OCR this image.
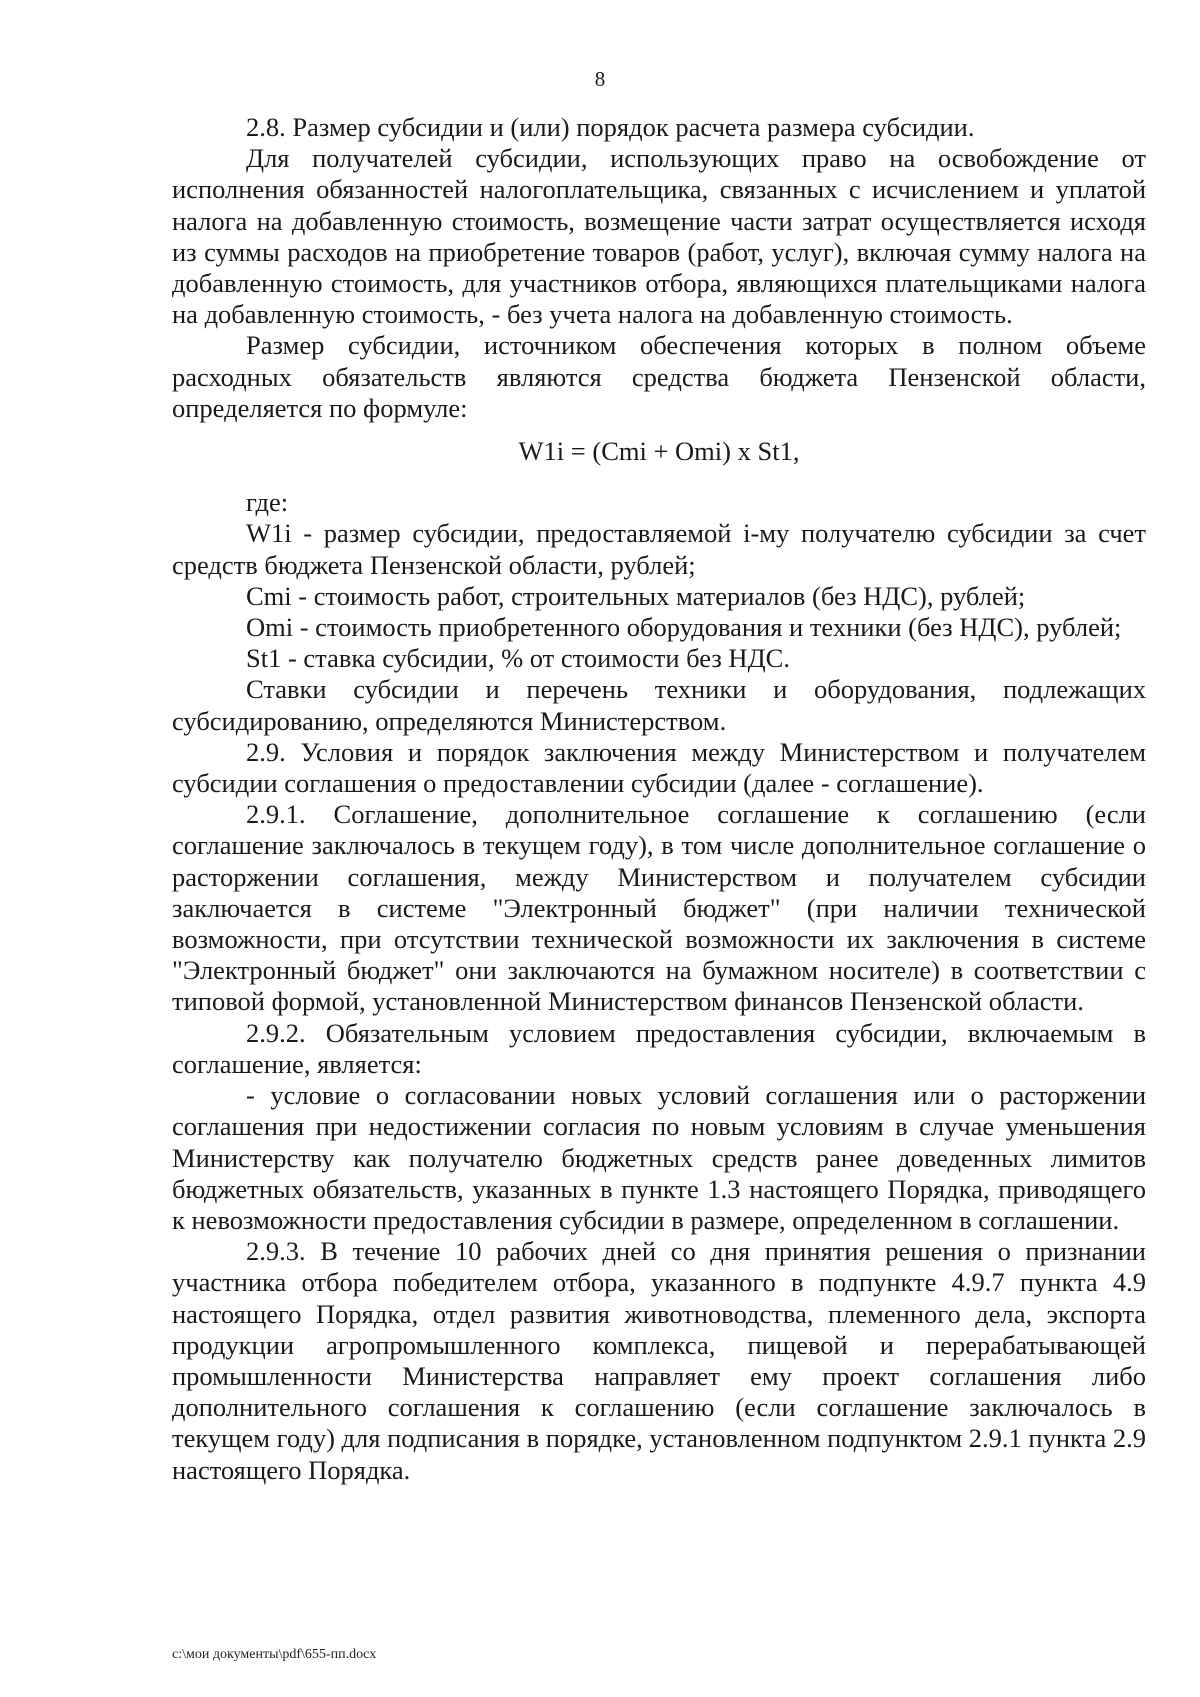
8

2.8. Размер субсидии и (или) порядок расчета размера субсидии.

Для получателей субсидии, использующих право на освобождение от исполнения обязанностей налогоплательщика, связанных с исчислением и уплатой налога на добавленную стоимость, возмещение части затрат осуществляется исходя из суммы расходов на приобретение товаров (работ, услуг), включая сумму налога на добавленную стоимость, для участников отбора, являющихся плательщиками налога на добавленную стоимость, - без учета налога на добавленную стоимость.

Размер субсидии, источником обеспечения которых в полном объеме расходных обязательств являются средства бюджета Пензенской области, определяется по формуле:

W1i = (Cmi + Omi) x St1,

где:

W1i - размер субсидии, предоставляемой i-му получателю субсидии за счет средств бюджета Пензенской области, рублей;

Cmi - стоимость работ, строительных материалов (без НДС), рублей;

Omi - стоимость приобретенного оборудования и техники (без НДС), рублей;

St1 - ставка субсидии, % от стоимости без НДС.

Ставки субсидии и перечень техники и оборудования, подлежащих субсидированию, определяются Министерством.

2.9. Условия и порядок заключения между Министерством и получателем субсидии соглашения о предоставлении субсидии (далее - соглашение).

2.9.1. Соглашение, дополнительное соглашение к соглашению (если соглашение заключалось в текущем году), в том числе дополнительное соглашение о расторжении соглашения, между Министерством и получателем субсидии заключается в системе "Электронный бюджет" (при наличии технической возможности, при отсутствии технической возможности их заключения в системе "Электронный бюджет" они заключаются на бумажном носителе) в соответствии с типовой формой, установленной Министерством финансов Пензенской области.

2.9.2. Обязательным условием предоставления субсидии, включаемым в соглашение, является:

- условие о согласовании новых условий соглашения или о расторжении соглашения при недостижении согласия по новым условиям в случае уменьшения Министерству как получателю бюджетных средств ранее доведенных лимитов бюджетных обязательств, указанных в пункте 1.3 настоящего Порядка, приводящего к невозможности предоставления субсидии в размере, определенном в соглашении.

2.9.3. В течение 10 рабочих дней со дня принятия решения о признании участника отбора победителем отбора, указанного в подпункте 4.9.7 пункта 4.9 настоящего Порядка, отдел развития животноводства, племенного дела, экспорта продукции агропромышленного комплекса, пищевой и перерабатывающей промышленности Министерства направляет ему проект соглашения либо дополнительного соглашения к соглашению (если соглашение заключалось в текущем году) для подписания в порядке, установленном подпунктом 2.9.1 пункта 2.9 настоящего Порядка.

c:\мои документы\pdf\655-пп.docx
